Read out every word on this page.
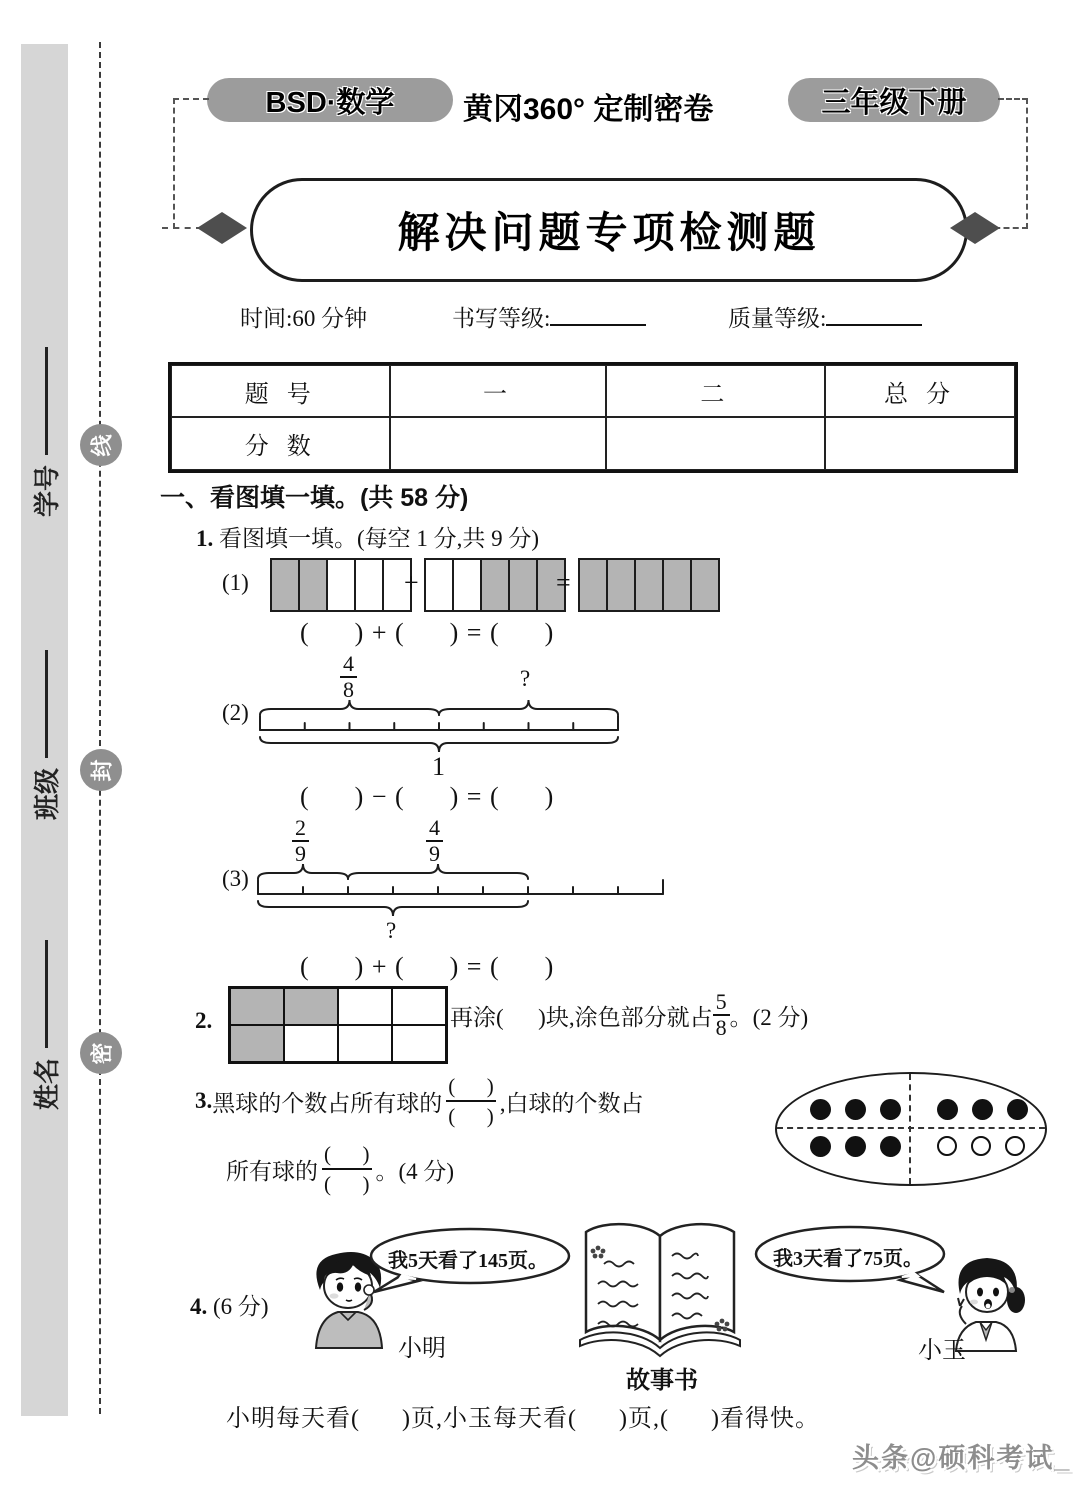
学号
班级
姓名
线
封
密
BSD·数学 黄冈360° 定制密卷	三年级下册
解决问题专项检测题
时间:60 分钟	书写等级:	质量等级:
题 号	一	二	总 分
分 数
一、看图填一填。(共 58 分)
1. 看图填一填。(每空 1 分,共 9 分)
(1)	+	=
(      ) + (      ) = (      )
$\frac{4}{8}$	?
(2)
1
(      ) − (      ) = (      )
$\frac{2}{9}$	$\frac{4}{9}$
(3)
?
(      ) + (      ) = (      )
2.	再涂(      )块,涂色部分就占 $\frac{5}{8}$ 。(2 分)
3. 黑球的个数占所有球的
(      )
(      )
,白球的个数占
所有球的
(      )
(      )
。(4 分)
4. (6 分)
小明
我5天看了145页。
故事书
我3天看了75页。
小玉
小明每天看(      )页,小玉每天看(      )页,(      )看得快。
头条@硕科考试_
